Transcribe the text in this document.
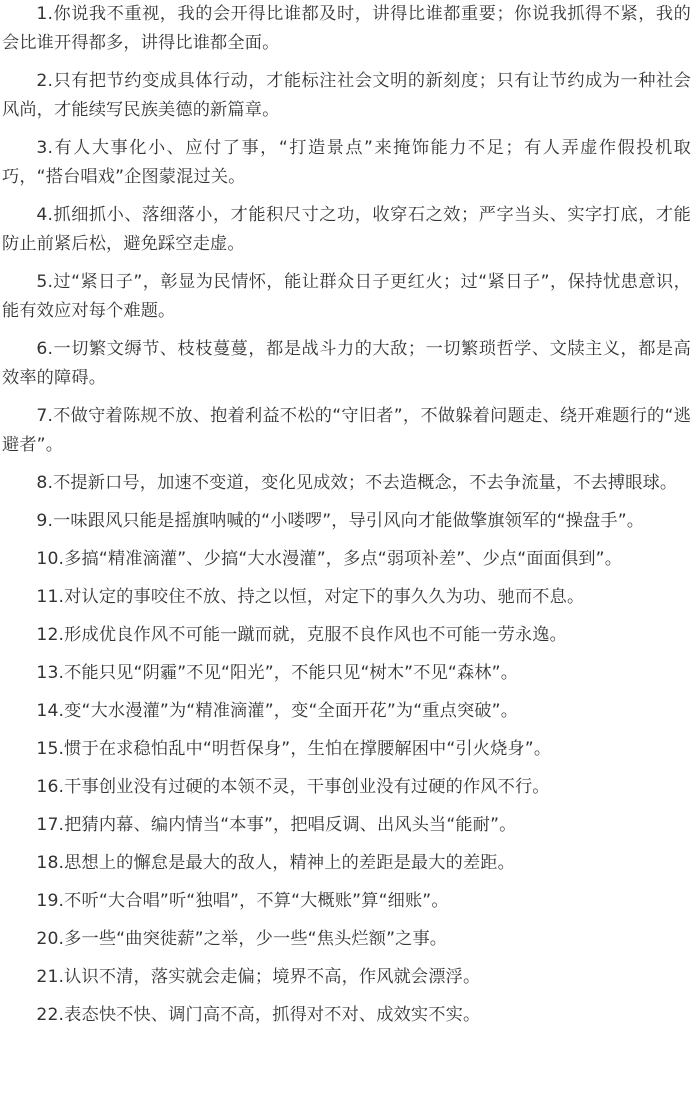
1.你说我不重视，我的会开得比谁都及时，讲得比谁都重要；你说我抓得不紧，我的会比谁开得都多，讲得比谁都全面。

2.只有把节约变成具体行动，才能标注社会文明的新刻度；只有让节约成为一种社会风尚，才能续写民族美德的新篇章。

3.有人大事化小、应付了事，“打造景点”来掩饰能力不足；有人弄虚作假投机取巧，“搭台唱戏”企图蒙混过关。

4.抓细抓小、落细落小，才能积尺寸之功，收穿石之效；严字当头、实字打底，才能防止前紧后松，避免踩空走虚。

5.过“紧日子”，彰显为民情怀，能让群众日子更红火；过“紧日子”，保持忧患意识，能有效应对每个难题。

6.一切繁文缛节、枝枝蔓蔓，都是战斗力的大敌；一切繁琐哲学、文牍主义，都是高效率的障碍。

7.不做守着陈规不放、抱着利益不松的“守旧者”，不做躲着问题走、绕开难题行的“逃避者”。

8.不提新口号，加速不变道，变化见成效；不去造概念，不去争流量，不去搏眼球。

9.一味跟风只能是摇旗呐喊的“小喽啰”，导引风向才能做擎旗领军的“操盘手”。

10.多搞“精准滴灌”、少搞“大水漫灌”，多点“弱项补差”、少点“面面俱到”。

11.对认定的事咬住不放、持之以恒，对定下的事久久为功、驰而不息。

12.形成优良作风不可能一蹴而就，克服不良作风也不可能一劳永逸。

13.不能只见“阴霾”不见“阳光”，不能只见“树木”不见“森林”。

14.变“大水漫灌”为“精准滴灌”，变“全面开花”为“重点突破”。

15.惯于在求稳怕乱中“明哲保身”，生怕在撑腰解困中“引火烧身”。

16.干事创业没有过硬的本领不灵，干事创业没有过硬的作风不行。

17.把猜内幕、编内情当“本事”，把唱反调、出风头当“能耐”。

18.思想上的懈怠是最大的敌人，精神上的差距是最大的差距。

19.不听“大合唱”听“独唱”，不算“大概账”算“细账”。

20.多一些“曲突徙薪”之举，少一些“焦头烂额”之事。

21.认识不清，落实就会走偏；境界不高，作风就会漂浮。

22.表态快不快、调门高不高，抓得对不对、成效实不实。
